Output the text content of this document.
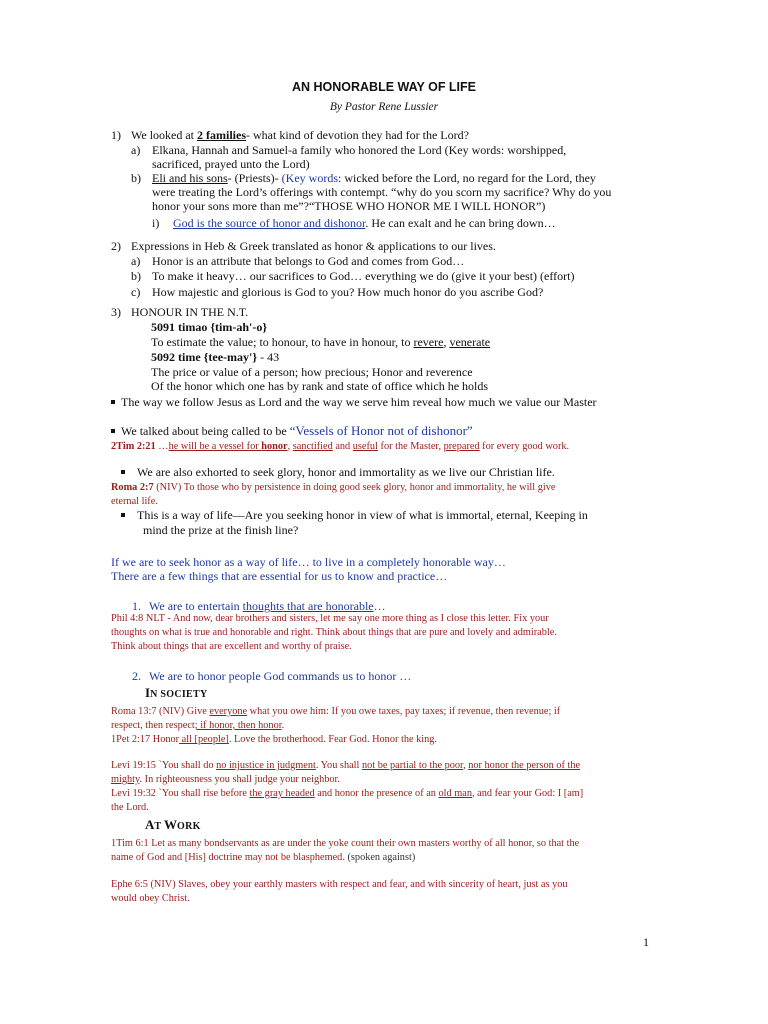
AN HONORABLE WAY OF LIFE
By Pastor Rene Lussier
1) We looked at 2 families- what kind of devotion they had for the Lord?
a) Elkana, Hannah and Samuel-a family who honored the Lord (Key words: worshipped,
sacrificed, prayed unto the Lord)
b) Eli and his sons- (Priests)- (Key words: wicked before the Lord, no regard for the Lord, they
were treating the Lord’s offerings with contempt. “why do you scorn my sacrifice? Why do you
honor your sons more than me”?“THOSE WHO HONOR ME I WILL HONOR”)
i) God is the source of honor and dishonor. He can exalt and he can bring down…
2) Expressions in Heb & Greek translated as honor & applications to our lives.
a) Honor is an attribute that belongs to God and comes from God…
b) To make it heavy… our sacrifices to God… everything we do (give it your best) (effort)
c) How majestic and glorious is God to you? How much honor do you ascribe God?
3) HONOUR IN THE N.T.
5091 timao {tim-ah'-o}
To estimate the value; to honour, to have in honour, to revere, venerate
5092 time {tee-may'} - 43
The price or value of a person; how precious; Honor and reverence
Of the honor which one has by rank and state of office which he holds
The way we follow Jesus as Lord and the way we serve him reveal how much we value our Master
We talked about being called to be “Vessels of Honor not of dishonor”
2Tim 2:21 …he will be a vessel for honor, sanctified and useful for the Master, prepared for every good work.
We are also exhorted to seek glory, honor and immortality as we live our Christian life.
Roma 2:7 (NIV) To those who by persistence in doing good seek glory, honor and immortality, he will give
eternal life.
This is a way of life—Are you seeking honor in view of what is immortal, eternal, Keeping in
mind the prize at the finish line?
If we are to seek honor as a way of life… to live in a completely honorable way…
There are a few things that are essential for us to know and practice…
1. We are to entertain thoughts that are honorable…
Phil 4:8 NLT - And now, dear brothers and sisters, let me say one more thing as I close this letter. Fix your
thoughts on what is true and honorable and right. Think about things that are pure and lovely and admirable.
Think about things that are excellent and worthy of praise.
2. We are to honor people God commands us to honor …
IN SOCIETY
Roma 13:7 (NIV) Give everyone what you owe him: If you owe taxes, pay taxes; if revenue, then revenue; if
respect, then respect; if honor, then honor.
1Pet 2:17 Honor all [people]. Love the brotherhood. Fear God. Honor the king.
Levi 19:15 `You shall do no injustice in judgment. You shall not be partial to the poor, nor honor the person of the
mighty. In righteousness you shall judge your neighbor.
Levi 19:32 `You shall rise before the gray headed and honor the presence of an old man, and fear your God: I [am]
the Lord.
AT WORK
1Tim 6:1 Let as many bondservants as are under the yoke count their own masters worthy of all honor, so that the
name of God and [His] doctrine may not be blasphemed. (spoken against)
Ephe 6:5 (NIV) Slaves, obey your earthly masters with respect and fear, and with sincerity of heart, just as you
would obey Christ.
1
